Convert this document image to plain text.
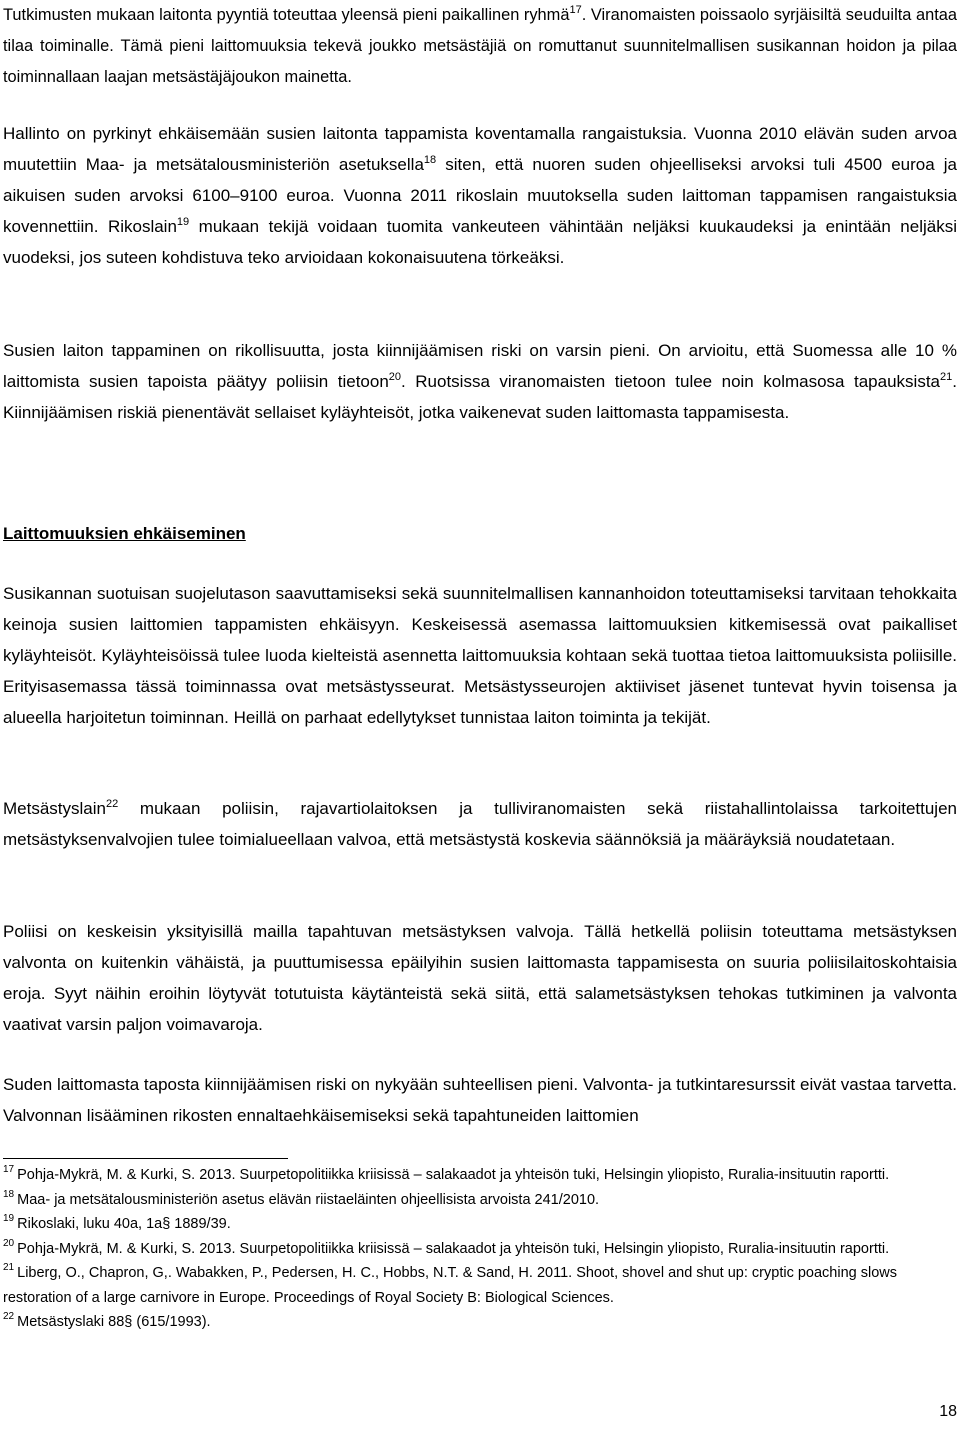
Tutkimusten mukaan laitonta pyyntiä toteuttaa yleensä pieni paikallinen ryhmä$^{17}$. Viranomaisten poissaolo syrjäisiltä seuduilta antaa tilaa toiminalle. Tämä pieni laittomuuksia tekevä joukko metsästäjiä on romuttanut suunnitelmallisen susikannan hoidon ja pilaa toiminnallaan laajan metsästäjäjoukon mainetta.

Hallinto on pyrkinyt ehkäisemään susien laitonta tappamista koventamalla rangaistuksia. Vuonna 2010 elävän suden arvoa muutettiin Maa- ja metsätalousministeriön asetuksella$^{18}$ siten, että nuoren suden ohjeelliseksi arvoksi tuli 4500 euroa ja aikuisen suden arvoksi 6100–9100 euroa. Vuonna 2011 rikoslain muutoksella suden laittoman tappamisen rangaistuksia kovennettiin. Rikoslain$^{19}$ mukaan tekijä voidaan tuomita vankeuteen vähintään neljäksi kuukaudeksi ja enintään neljäksi vuodeksi, jos suteen kohdistuva teko arvioidaan kokonaisuutena törkeäksi.

Susien laiton tappaminen on rikollisuutta, josta kiinnijäämisen riski on varsin pieni. On arvioitu, että Suomessa alle 10 % laittomista susien tapoista päätyy poliisin tietoon$^{20}$. Ruotsissa viranomaisten tietoon tulee noin kolmasosa tapauksista$^{21}$. Kiinnijäämisen riskiä pienentävät sellaiset kyläyhteisöt, jotka vaikenevat suden laittomasta tappamisesta.

Laittomuuksien ehkäiseminen

Susikannan suotuisan suojelutason saavuttamiseksi sekä suunnitelmallisen kannanhoidon toteuttamiseksi tarvitaan tehokkaita keinoja susien laittomien tappamisten ehkäisyyn. Keskeisessä asemassa laittomuuksien kitkemisessä ovat paikalliset kyläyhteisöt. Kyläyhteisöissä tulee luoda kielteistä asennetta laittomuuksia kohtaan sekä tuottaa tietoa laittomuuksista poliisille. Erityisasemassa tässä toiminnassa ovat metsästysseurat. Metsästysseurojen aktiiviset jäsenet tuntevat hyvin toisensa ja alueella harjoitetun toiminnan. Heillä on parhaat edellytykset tunnistaa laiton toiminta ja tekijät.

Metsästyslain$^{22}$ mukaan poliisin, rajavartiolaitoksen ja tulliviranomaisten sekä riistahallintolaissa tarkoitettujen metsästyksenvalvojien tulee toimialueellaan valvoa, että metsästystä koskevia säännöksiä ja määräyksiä noudatetaan.

Poliisi on keskeisin yksityisillä mailla tapahtuvan metsästyksen valvoja. Tällä hetkellä poliisin toteuttama metsästyksen valvonta on kuitenkin vähäistä, ja puuttumisessa epäilyihin susien laittomasta tappamisesta on suuria poliisilaitoskohtaisia eroja. Syyt näihin eroihin löytyvät totutuista käytänteistä sekä siitä, että salametsästyksen tehokas tutkiminen ja valvonta vaativat varsin paljon voimavaroja.

Suden laittomasta taposta kiinnijäämisen riski on nykyään suhteellisen pieni. Valvonta- ja tutkintaresurssit eivät vastaa tarvetta. Valvonnan lisääminen rikosten ennaltaehkäisemiseksi sekä tapahtuneiden laittomien

$^{17}$ Pohja-Mykrä, M. & Kurki, S. 2013. Suurpetopolitiikka kriisissä – salakaadot ja yhteisön tuki, Helsingin yliopisto, Ruralia-insituutin raportti.

$^{18}$ Maa- ja metsätalousministeriön asetus elävän riistaeläinten ohjeellisista arvoista 241/2010.

$^{19}$ Rikoslaki, luku 40a, 1a§ 1889/39.

$^{20}$ Pohja-Mykrä, M. & Kurki, S. 2013. Suurpetopolitiikka kriisissä – salakaadot ja yhteisön tuki, Helsingin yliopisto, Ruralia-insituutin raportti.

$^{21}$ Liberg, O., Chapron, G,. Wabakken, P., Pedersen, H. C., Hobbs, N.T. & Sand, H. 2011. Shoot, shovel and shut up: cryptic poaching slows restoration of a large carnivore in Europe. Proceedings of Royal Society B: Biological Sciences.

$^{22}$ Metsästyslaki 88§ (615/1993).

18
